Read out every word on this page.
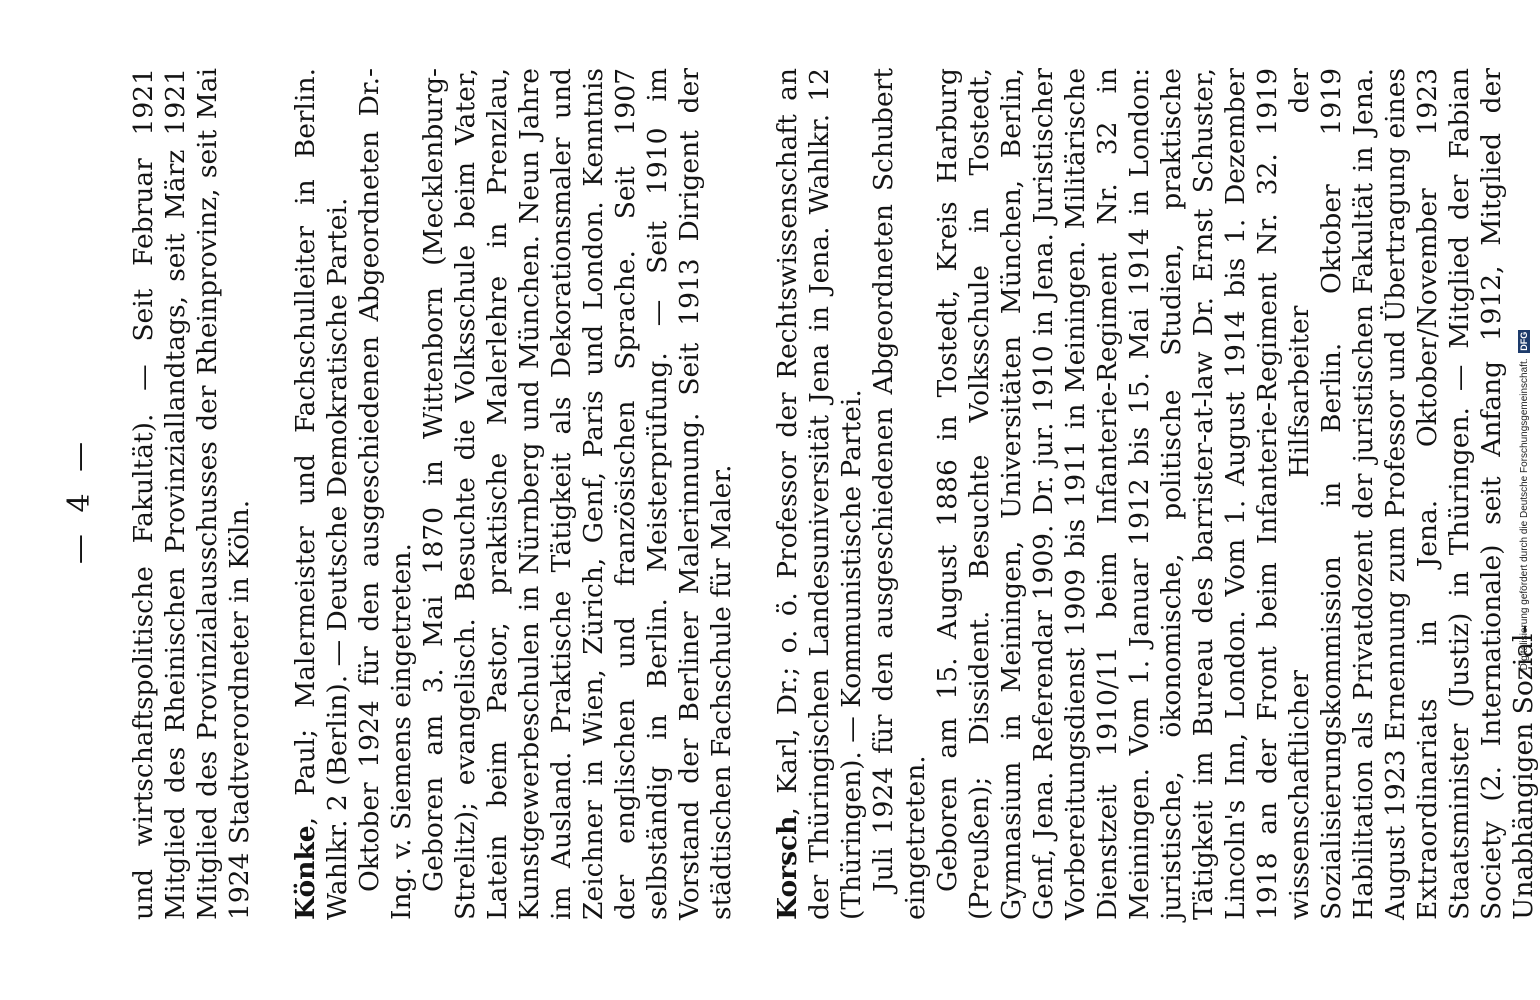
— 4 — und wirtschaftspolitische Fakultät). — Seit Februar 1921 Mitglied des Rheinischen Provinziallandtags, seit März 1921 Mitglied des Provinzialausschusses der Rheinprovinz, seit Mai 1924 Stadtverordneter in Köln. Könke, Paul; Malermeister und Fachschulleiter in Berlin. Wahlkr. 2 (Berlin). — Deutsche Demokratische Partei. Oktober 1924 für den ausgeschiedenen Abgeordneten Dr.-Ing. v. Siemens eingetreten. Geboren am 3. Mai 1870 in Wittenborn (Mecklenburg-Strelitz); evangelisch. Besuchte die Volksschule beim Vater, Latein beim Pastor, praktische Malerlehre in Prenzlau, Kunstgewerbeschulen in Nürnberg und München. Neun Jahre im Ausland. Praktische Tätigkeit als Dekorationsmaler und Zeichner in Wien, Zürich, Genf, Paris und London. Kenntnis der englischen und französischen Sprache. Seit 1907 selbständig in Berlin. Meisterprüfung. — Seit 1910 im Vorstand der Berliner Malerinnung. Seit 1913 Dirigent der städtischen Fachschule für Maler. Korsch, Karl, Dr.; o. ö. Professor der Rechtswissenschaft an der Thüringischen Landesuniversität Jena in Jena. Wahlkr. 12 (Thüringen). — Kommunistische Partei. Juli 1924 für den ausgeschiedenen Abgeordneten Schubert eingetreten. Geboren am 15. August 1886 in Tostedt, Kreis Harburg (Preußen); Dissident. Besuchte Volksschule in Tostedt, Gymnasium in Meiningen, Universitäten München, Berlin, Genf, Jena. Referendar 1909. Dr. jur. 1910 in Jena. Juristischer Vorbereitungsdienst 1909 bis 1911 in Meiningen. Militärische Dienstzeit 1910/11 beim Infanterie-Regiment Nr. 32 in Meiningen. Vom 1. Januar 1912 bis 15. Mai 1914 in London: juristische, ökonomische, politische Studien, praktische Tätigkeit im Bureau des barrister-at-law Dr. Ernst Schuster, Lincoln's Inn, London. Vom 1. August 1914 bis 1. Dezember 1918 an der Front beim Infanterie-Regiment Nr. 32. 1919 wissenschaftlicher Hilfsarbeiter der Sozialisierungskommission in Berlin. Oktober 1919 Habilitation als Privatdozent der juristischen Fakultät in Jena. August 1923 Ernennung zum Professor und Übertragung eines Extraordinariats in Jena. Oktober/November 1923 Staatsminister (Justiz) in Thüringen. — Mitglied der Fabian Society (2. Internationale) seit Anfang 1912, Mitglied der Unabhängigen Sozial-

Digitalisierung gefördert durch die Deutsche Forschungsgemeinschaft. DFG
